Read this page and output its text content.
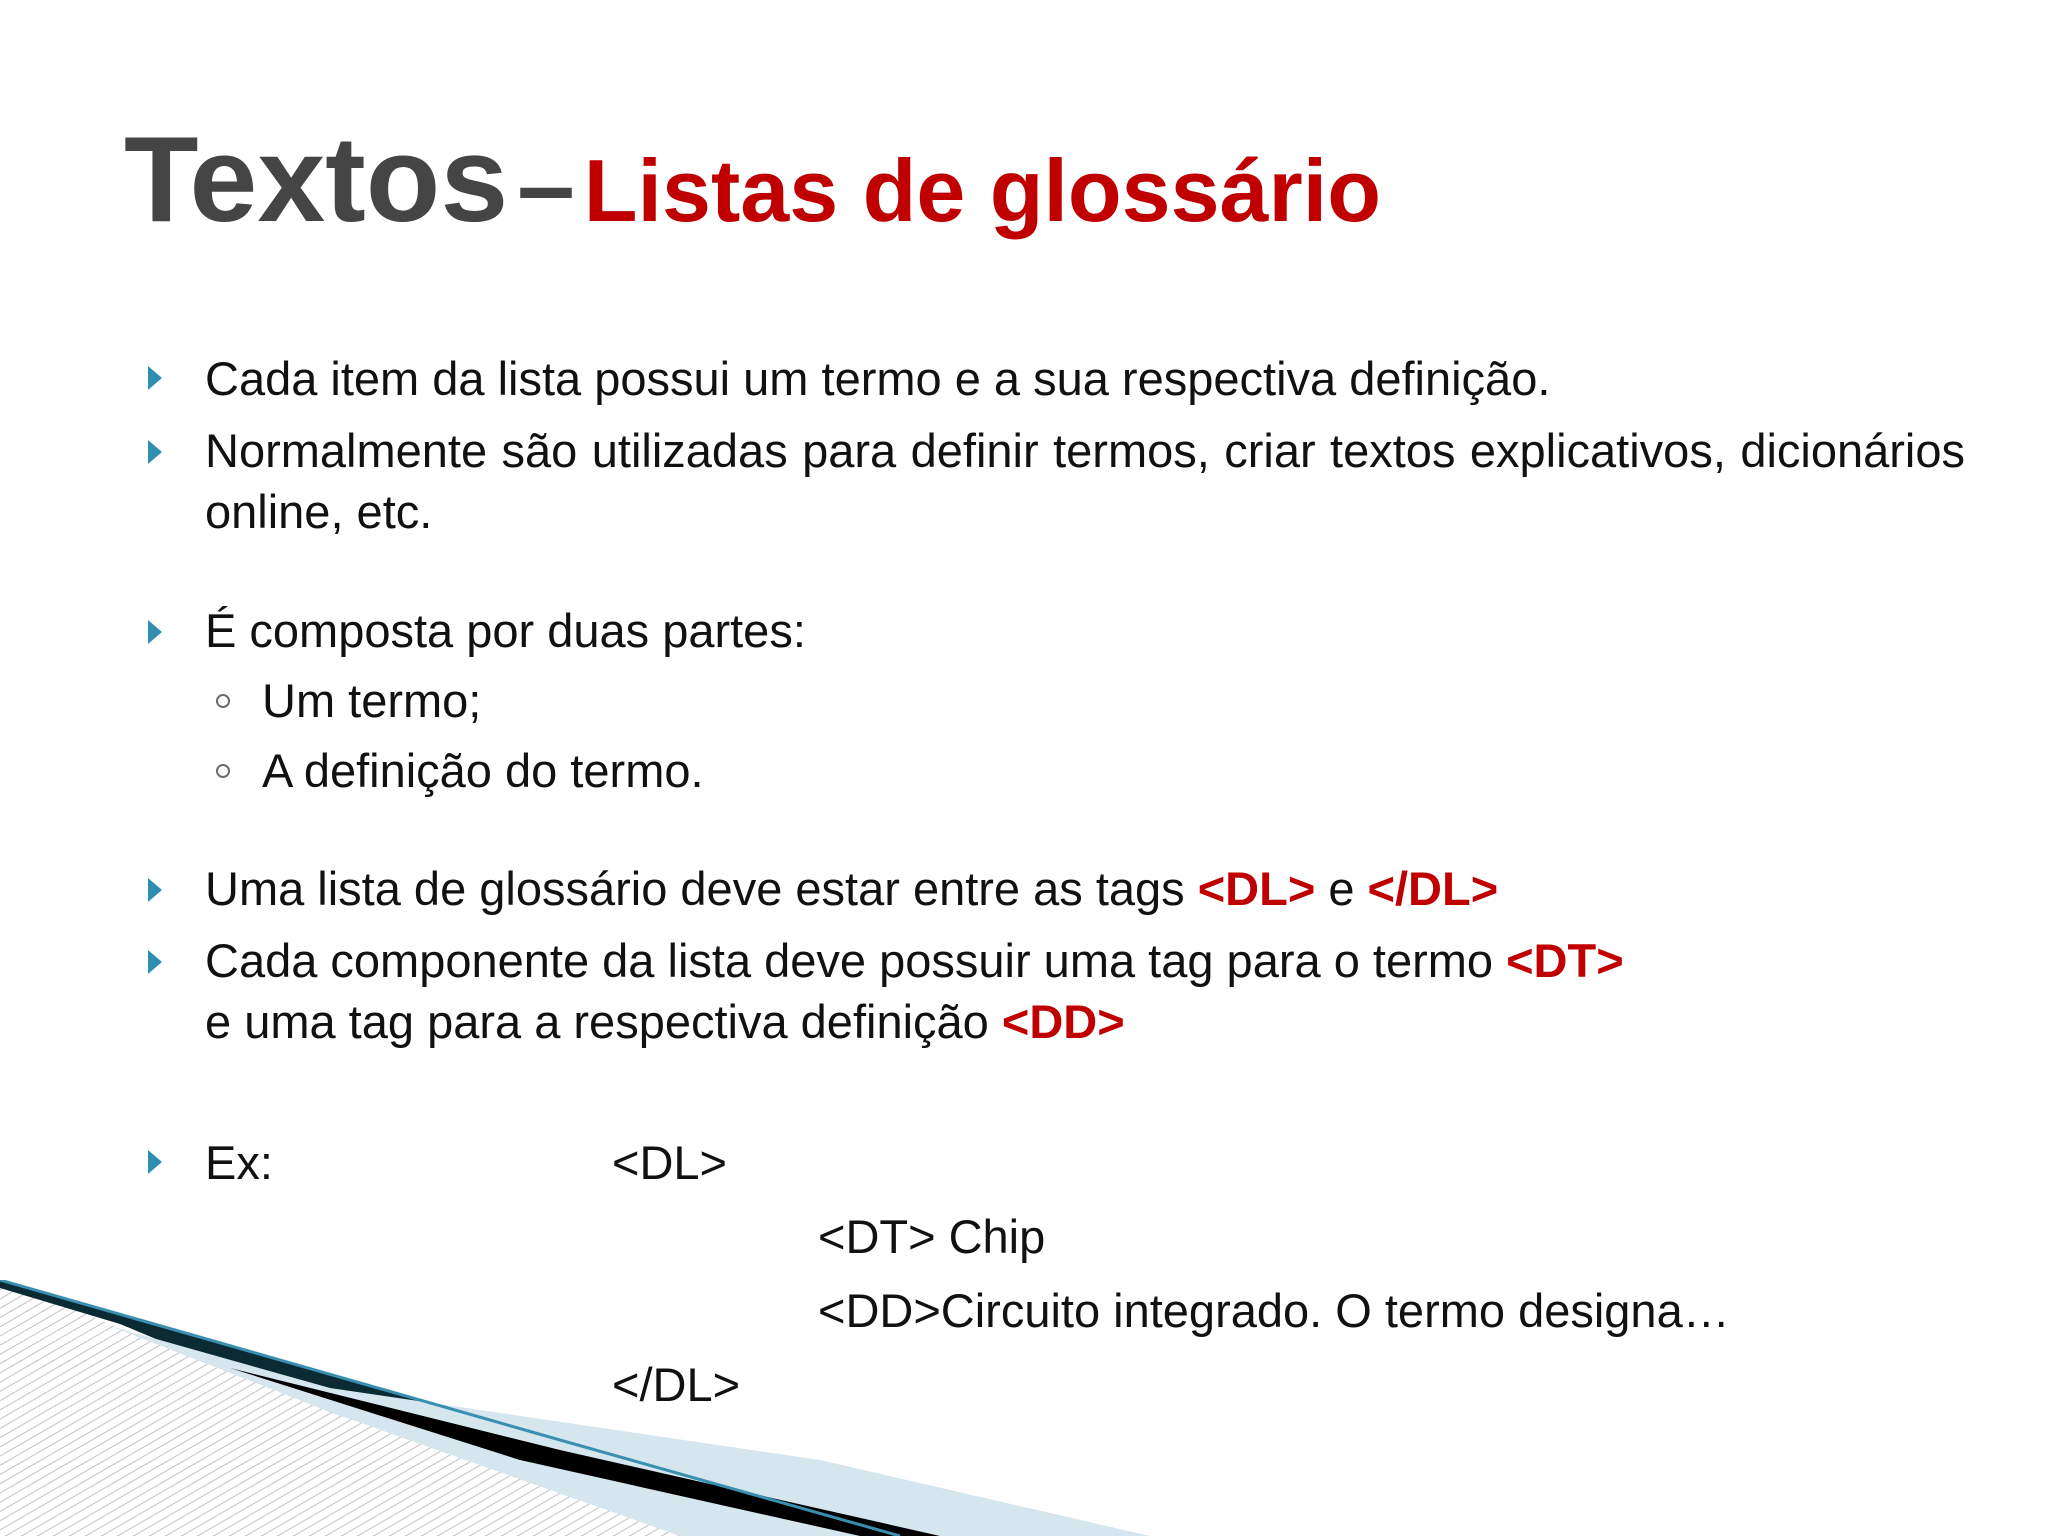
Textos – Listas de glossário
Cada item da lista possui um termo e a sua respectiva definição.
Normalmente são utilizadas para definir termos, criar textos explicativos, dicionários online, etc.
É composta por duas partes:
Um termo;
A definição do termo.
Uma lista de glossário deve estar entre as tags <DL> e </DL>
Cada componente da lista deve possuir uma tag para o termo <DT>
e uma tag para a respectiva definição <DD>
Ex:	<DL>
<DT> Chip
<DD>Circuito integrado. O termo designa…
</DL>
